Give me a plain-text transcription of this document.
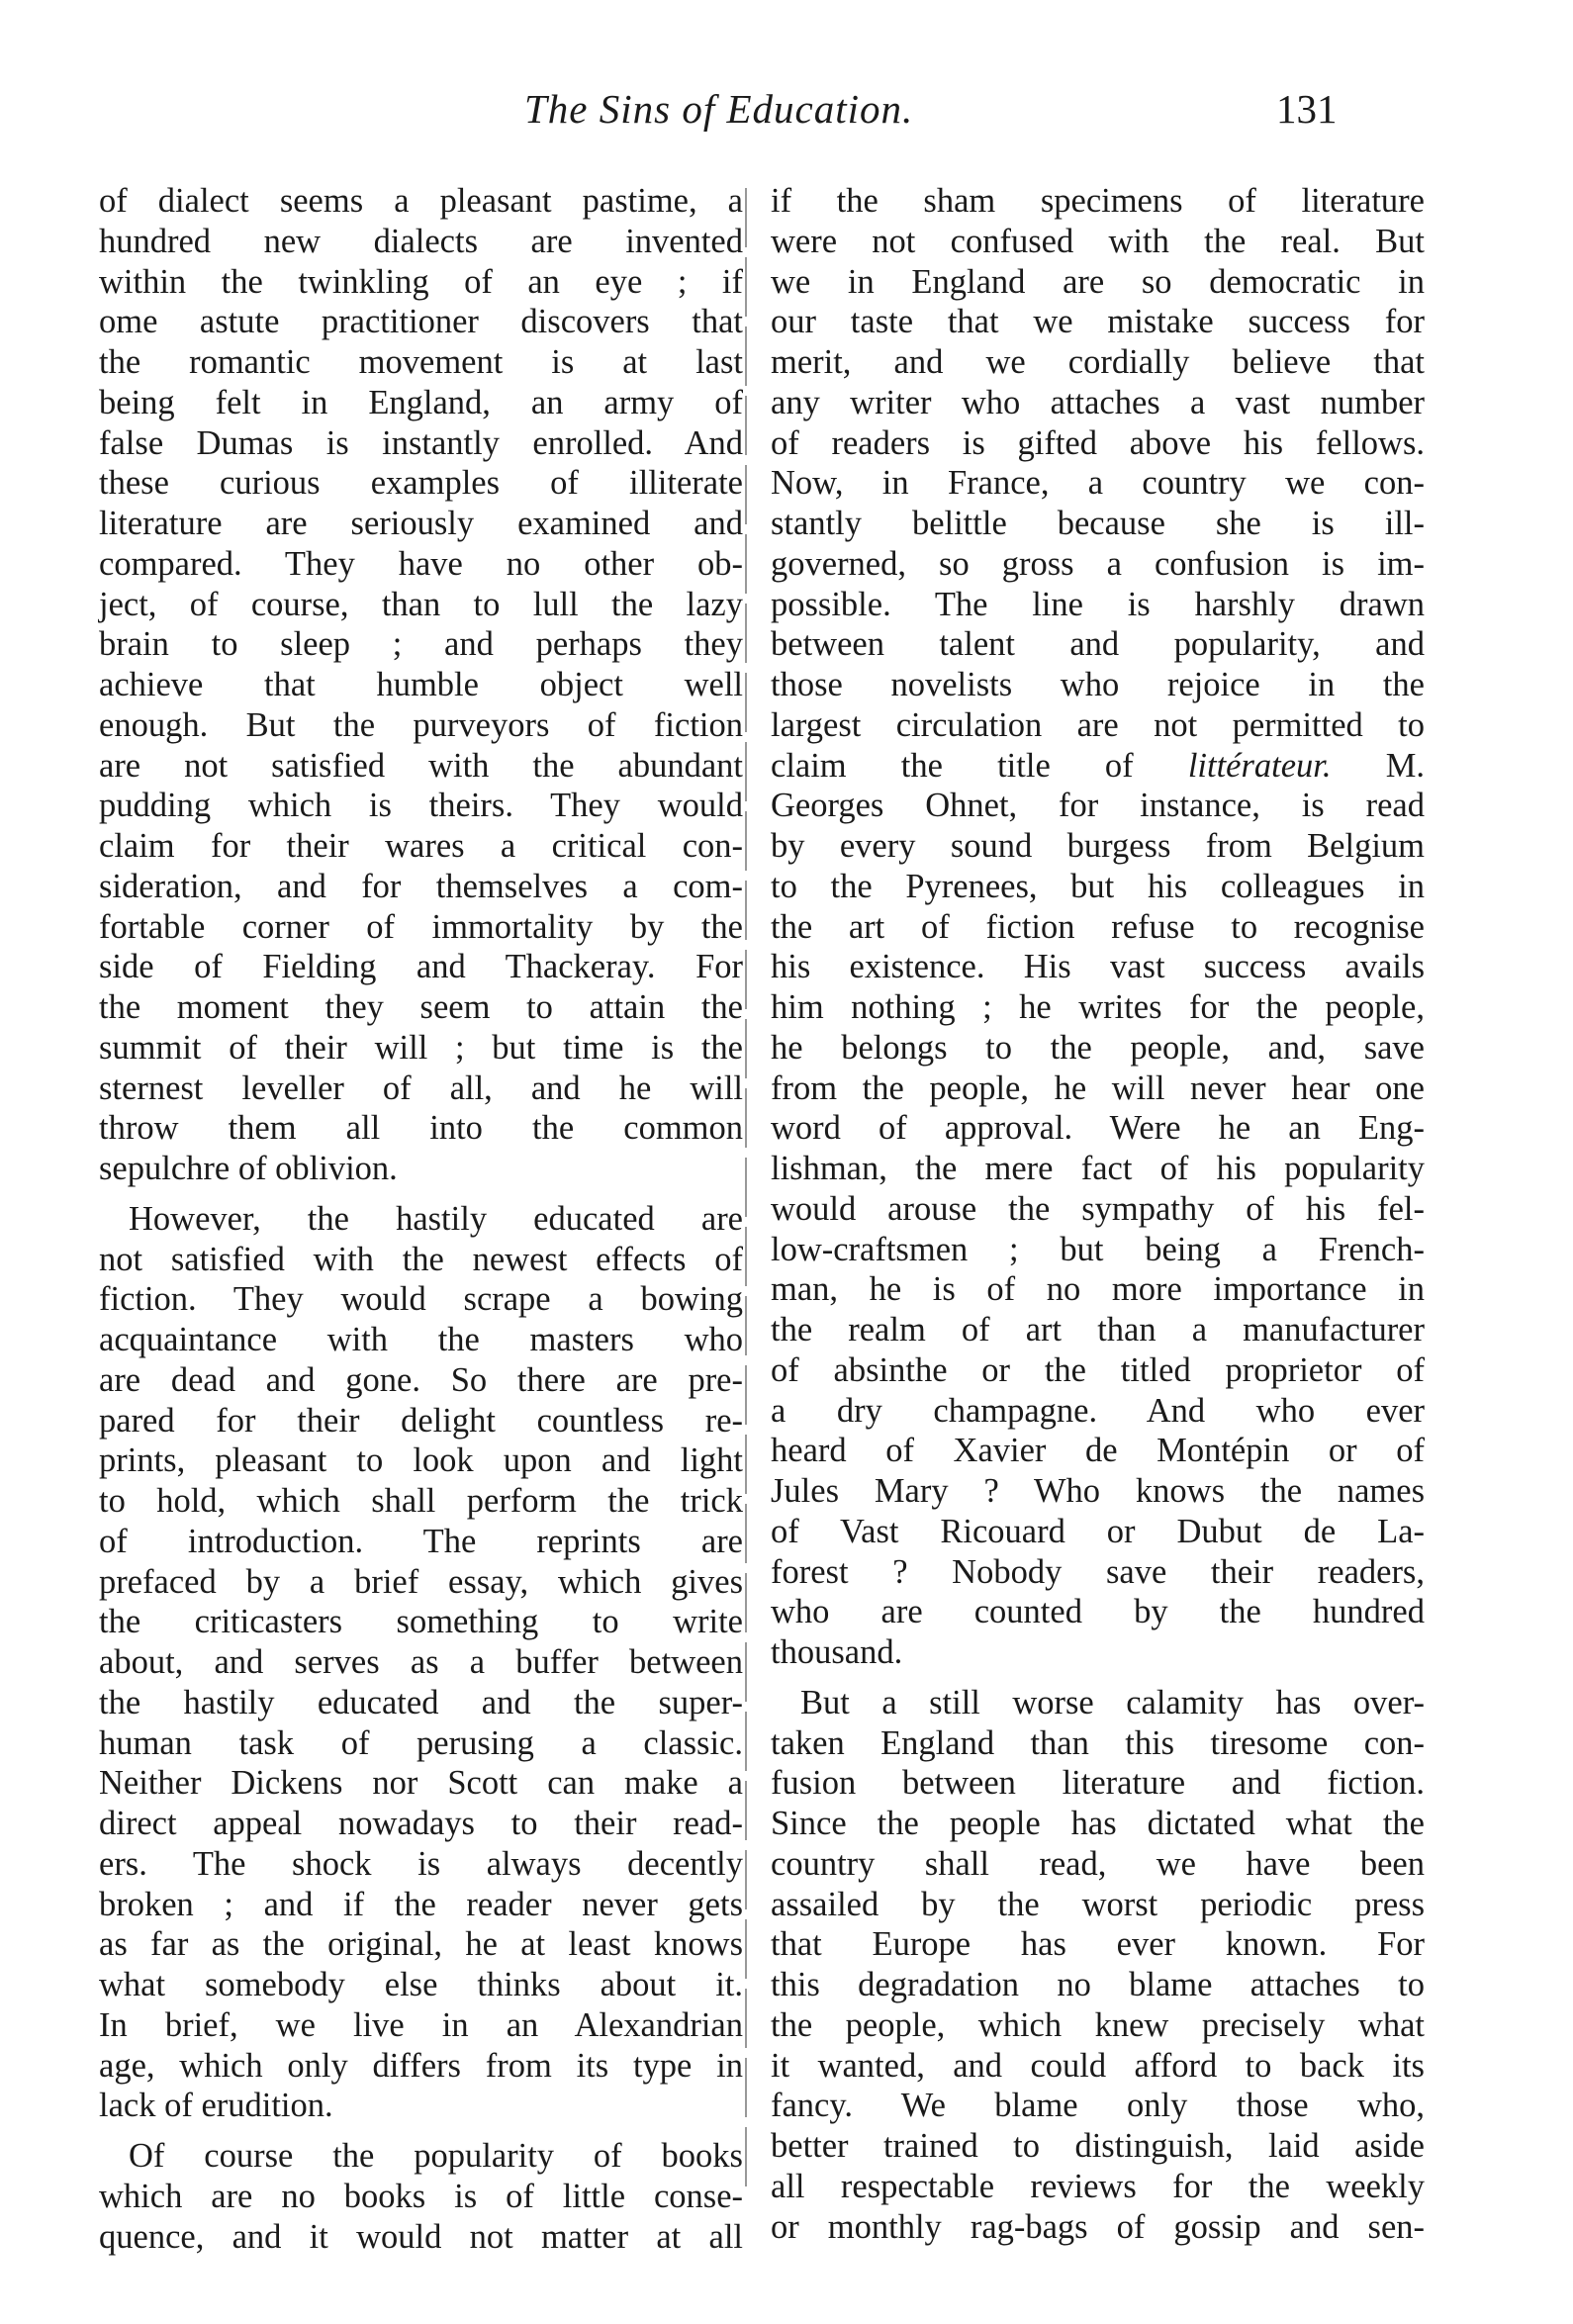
The Sins of Education.	131
of dialect seems a pleasant pastime, a
hundred new dialects are invented
within the twinkling of an eye ; if
ome astute practitioner discovers that
the romantic movement is at last
being felt in England, an army of
false Dumas is instantly enrolled. And
these curious examples of illiterate
literature are seriously examined and
compared. They have no other ob-
ject, of course, than to lull the lazy
brain to sleep ; and perhaps they
achieve that humble object well
enough. But the purveyors of fiction
are not satisfied with the abundant
pudding which is theirs. They would
claim for their wares a critical con-
sideration, and for themselves a com-
fortable corner of immortality by the
side of Fielding and Thackeray. For
the moment they seem to attain the
summit of their will ; but time is the
sternest leveller of all, and he will
throw them all into the common
sepulchre of oblivion.
However, the hastily educated are
not satisfied with the newest effects of
fiction. They would scrape a bowing
acquaintance with the masters who
are dead and gone. So there are pre-
pared for their delight countless re-
prints, pleasant to look upon and light
to hold, which shall perform the trick
of introduction. The reprints are
prefaced by a brief essay, which gives
the criticasters something to write
about, and serves as a buffer between
the hastily educated and the super-
human task of perusing a classic.
Neither Dickens nor Scott can make a
direct appeal nowadays to their read-
ers. The shock is always decently
broken ; and if the reader never gets
as far as the original, he at least knows
what somebody else thinks about it.
In brief, we live in an Alexandrian
age, which only differs from its type in
lack of erudition.
Of course the popularity of books
which are no books is of little conse-
quence, and it would not matter at all
if the sham specimens of literature
were not confused with the real. But
we in England are so democratic in
our taste that we mistake success for
merit, and we cordially believe that
any writer who attaches a vast number
of readers is gifted above his fellows.
Now, in France, a country we con-
stantly belittle because she is ill-
governed, so gross a confusion is im-
possible. The line is harshly drawn
between talent and popularity, and
those novelists who rejoice in the
largest circulation are not permitted to
claim the title of littérateur. M.
Georges Ohnet, for instance, is read
by every sound burgess from Belgium
to the Pyrenees, but his colleagues in
the art of fiction refuse to recognise
his existence. His vast success avails
him nothing ; he writes for the people,
he belongs to the people, and, save
from the people, he will never hear one
word of approval. Were he an Eng-
lishman, the mere fact of his popularity
would arouse the sympathy of his fel-
low-craftsmen ; but being a French-
man, he is of no more importance in
the realm of art than a manufacturer
of absinthe or the titled proprietor of
a dry champagne. And who ever
heard of Xavier de Montépin or of
Jules Mary ? Who knows the names
of Vast Ricouard or Dubut de La-
forest ? Nobody save their readers,
who are counted by the hundred
thousand.
But a still worse calamity has over-
taken England than this tiresome con-
fusion between literature and fiction.
Since the people has dictated what the
country shall read, we have been
assailed by the worst periodic press
that Europe has ever known. For
this degradation no blame attaches to
the people, which knew precisely what
it wanted, and could afford to back its
fancy. We blame only those who,
better trained to distinguish, laid aside
all respectable reviews for the weekly
or monthly rag-bags of gossip and sen-
